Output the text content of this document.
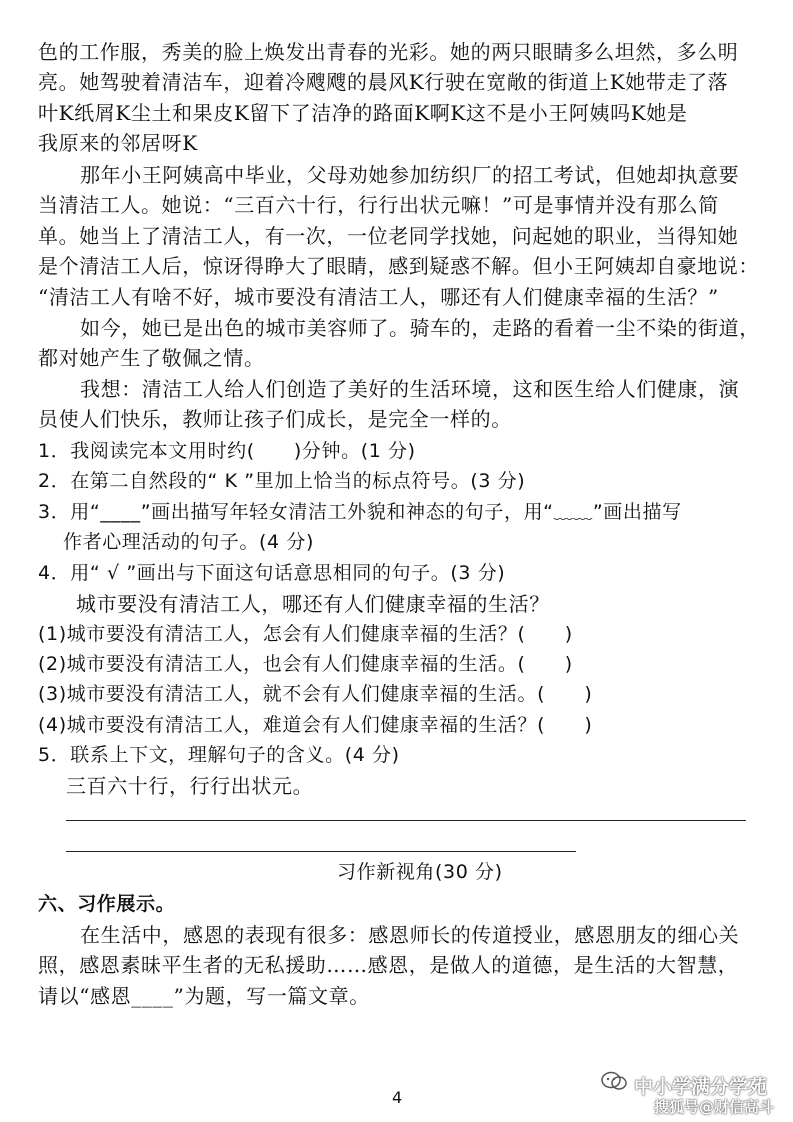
色的工作服，秀美的脸上焕发出青春的光彩。她的两只眼睛多么坦然，多么明
亮。她驾驶着清洁车，迎着冷飕飕的晨风K行驶在宽敞的街道上K她带走了落
叶K纸屑K尘土和果皮K留下了洁净的路面K啊K这不是小王阿姨吗K她是
我原来的邻居呀K
那年小王阿姨高中毕业，父母劝她参加纺织厂的招工考试，但她却执意要
当清洁工人。她说：“三百六十行，行行出状元嘛！”可是事情并没有那么简
单。她当上了清洁工人，有一次，一位老同学找她，问起她的职业，当得知她
是个清洁工人后，惊讶得睁大了眼睛，感到疑惑不解。但小王阿姨却自豪地说：
“清洁工人有啥不好，城市要没有清洁工人，哪还有人们健康幸福的生活？”
如今，她已是出色的城市美容师了。骑车的，走路的看着一尘不染的街道，
都对她产生了敬佩之情。
我想：清洁工人给人们创造了美好的生活环境，这和医生给人们健康，演
员使人们快乐，教师让孩子们成长，是完全一样的。
1．我阅读完本文用时约(　　)分钟。(1 分)
2．在第二自然段的“ K ”里加上恰当的标点符号。(3 分)
3．用“____”画出描写年轻女清洁工外貌和神态的句子，用“﹏﹏”画出描写
作者心理活动的句子。(4 分)
4．用“ √ ”画出与下面这句话意思相同的句子。(3 分)
城市要没有清洁工人，哪还有人们健康幸福的生活？
(1)城市要没有清洁工人，怎会有人们健康幸福的生活？(　　)
(2)城市要没有清洁工人，也会有人们健康幸福的生活。(　　)
(3)城市要没有清洁工人，就不会有人们健康幸福的生活。(　　)
(4)城市要没有清洁工人，难道会有人们健康幸福的生活？(　　)
5．联系上下文，理解句子的含义。(4 分)
三百六十行，行行出状元。
习作新视角(30 分)
六、习作展示。
在生活中，感恩的表现有很多：感恩师长的传道授业，感恩朋友的细心关
照，感恩素昧平生者的无私援助……感恩，是做人的道德，是生活的大智慧，
请以“感恩____”为题，写一篇文章。
4	中小学满分学苑
搜狐号@财信高斗
